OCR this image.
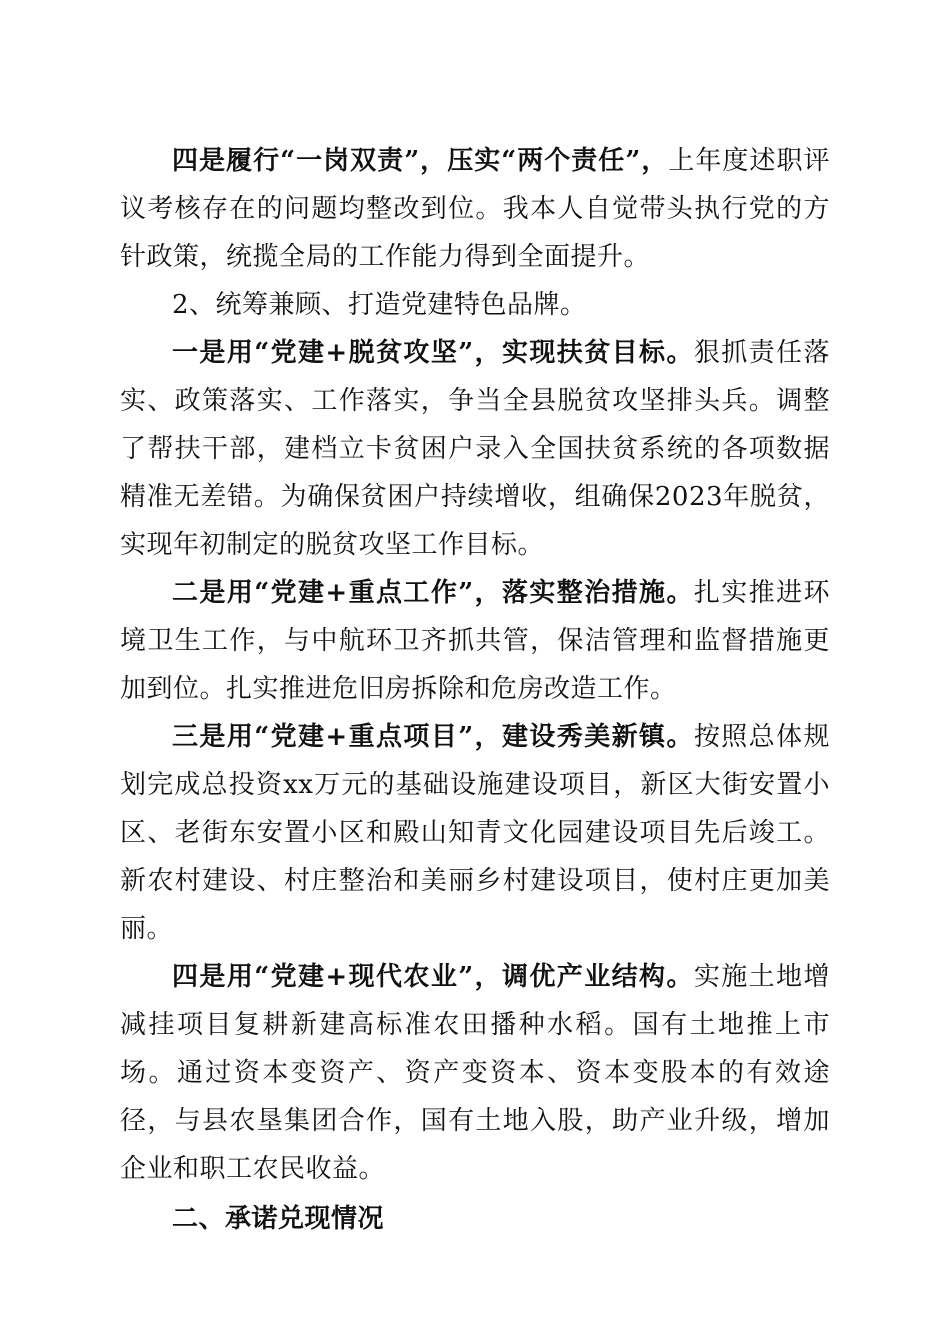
四是履行“一岗双责”，压实“两个责任”，上年度述职评议考核存在的问题均整改到位。我本人自觉带头执行党的方针政策，统揽全局的工作能力得到全面提升。

2、统筹兼顾、打造党建特色品牌。

一是用“党建+脱贫攻坚”，实现扶贫目标。狠抓责任落实、政策落实、工作落实，争当全县脱贫攻坚排头兵。调整了帮扶干部，建档立卡贫困户录入全国扶贫系统的各项数据精准无差错。为确保贫困户持续增收，组确保2023年脱贫，实现年初制定的脱贫攻坚工作目标。

二是用“党建+重点工作”，落实整治措施。扎实推进环境卫生工作，与中航环卫齐抓共管，保洁管理和监督措施更加到位。扎实推进危旧房拆除和危房改造工作。

三是用“党建+重点项目”，建设秀美新镇。按照总体规划完成总投资xx万元的基础设施建设项目，新区大街安置小区、老街东安置小区和殿山知青文化园建设项目先后竣工。新农村建设、村庄整治和美丽乡村建设项目，使村庄更加美丽。

四是用“党建+现代农业”，调优产业结构。实施土地增减挂项目复耕新建高标准农田播种水稻。国有土地推上市场。通过资本变资产、资产变资本、资本变股本的有效途径，与县农垦集团合作，国有土地入股，助产业升级，增加企业和职工农民收益。

二、承诺兑现情况
